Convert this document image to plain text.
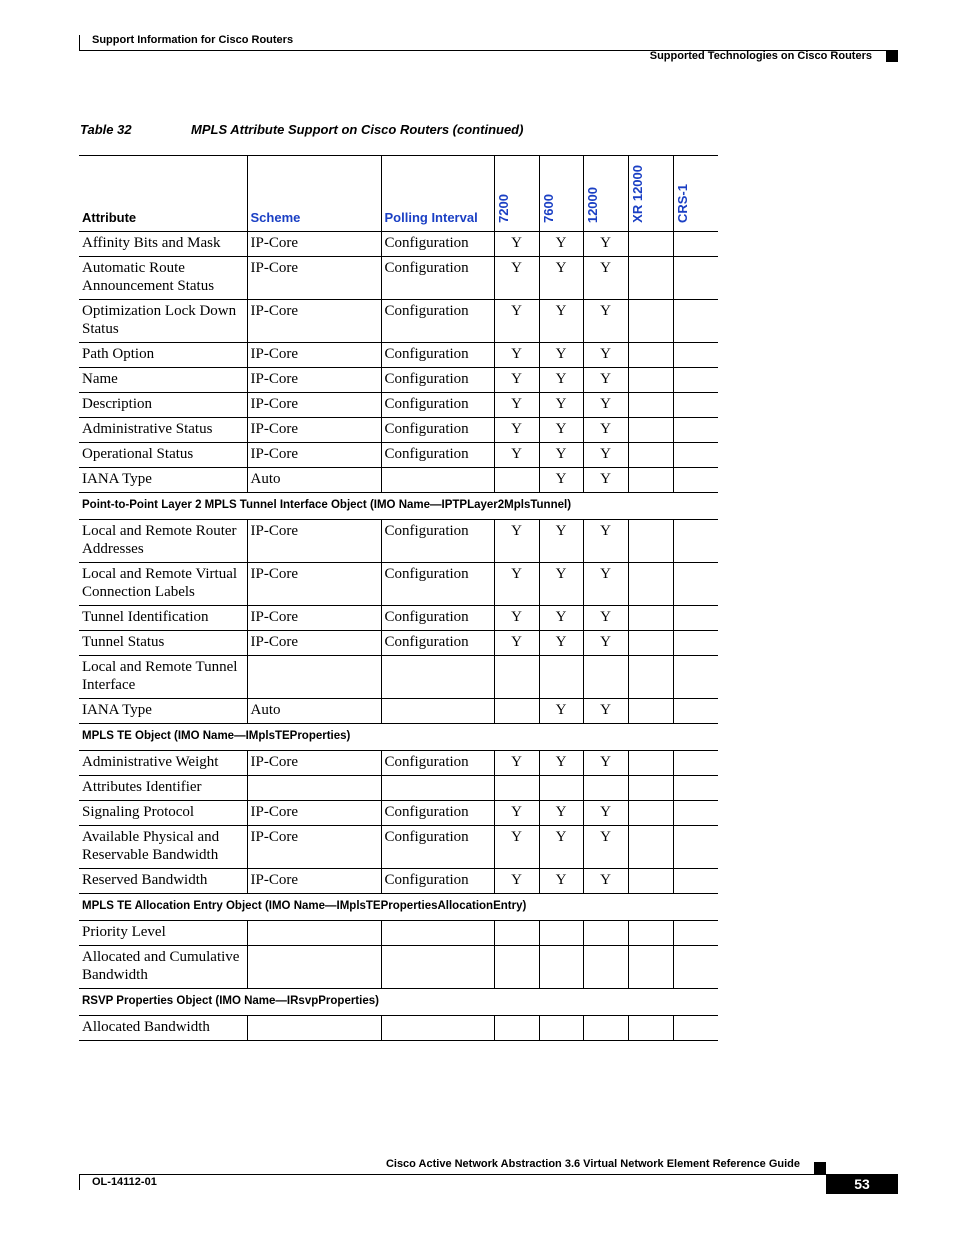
Support Information for Cisco Routers
Supported Technologies on Cisco Routers
Table 32	MPLS Attribute Support on Cisco Routers (continued)
Attribute	Scheme	Polling Interval	7200	7600	12000	XR 12000	CRS-1
Affinity Bits and Mask	IP-Core	Configuration	Y	Y	Y		
Automatic Route Announcement Status	IP-Core	Configuration	Y	Y	Y		
Optimization Lock Down Status	IP-Core	Configuration	Y	Y	Y		
Path Option	IP-Core	Configuration	Y	Y	Y		
Name	IP-Core	Configuration	Y	Y	Y		
Description	IP-Core	Configuration	Y	Y	Y		
Administrative Status	IP-Core	Configuration	Y	Y	Y		
Operational Status	IP-Core	Configuration	Y	Y	Y		
IANA Type	Auto			Y	Y		
Point-to-Point Layer 2 MPLS Tunnel Interface Object (IMO Name—IPTPLayer2MplsTunnel)							
Local and Remote Router Addresses	IP-Core	Configuration	Y	Y	Y		
Local and Remote Virtual Connection Labels	IP-Core	Configuration	Y	Y	Y		
Tunnel Identification	IP-Core	Configuration	Y	Y	Y		
Tunnel Status	IP-Core	Configuration	Y	Y	Y		
Local and Remote Tunnel Interface							
IANA Type	Auto			Y	Y		
MPLS TE Object (IMO Name—IMplsTEProperties)							
Administrative Weight	IP-Core	Configuration	Y	Y	Y		
Attributes Identifier							
Signaling Protocol	IP-Core	Configuration	Y	Y	Y		
Available Physical and Reservable Bandwidth	IP-Core	Configuration	Y	Y	Y		
Reserved Bandwidth	IP-Core	Configuration	Y	Y	Y		
MPLS TE Allocation Entry Object (IMO Name—IMplsTEPropertiesAllocationEntry)							
Priority Level							
Allocated and Cumulative Bandwidth							
RSVP Properties Object (IMO Name—IRsvpProperties)							
Allocated Bandwidth							
Cisco Active Network Abstraction 3.6 Virtual Network Element Reference Guide
OL-14112-01	53
